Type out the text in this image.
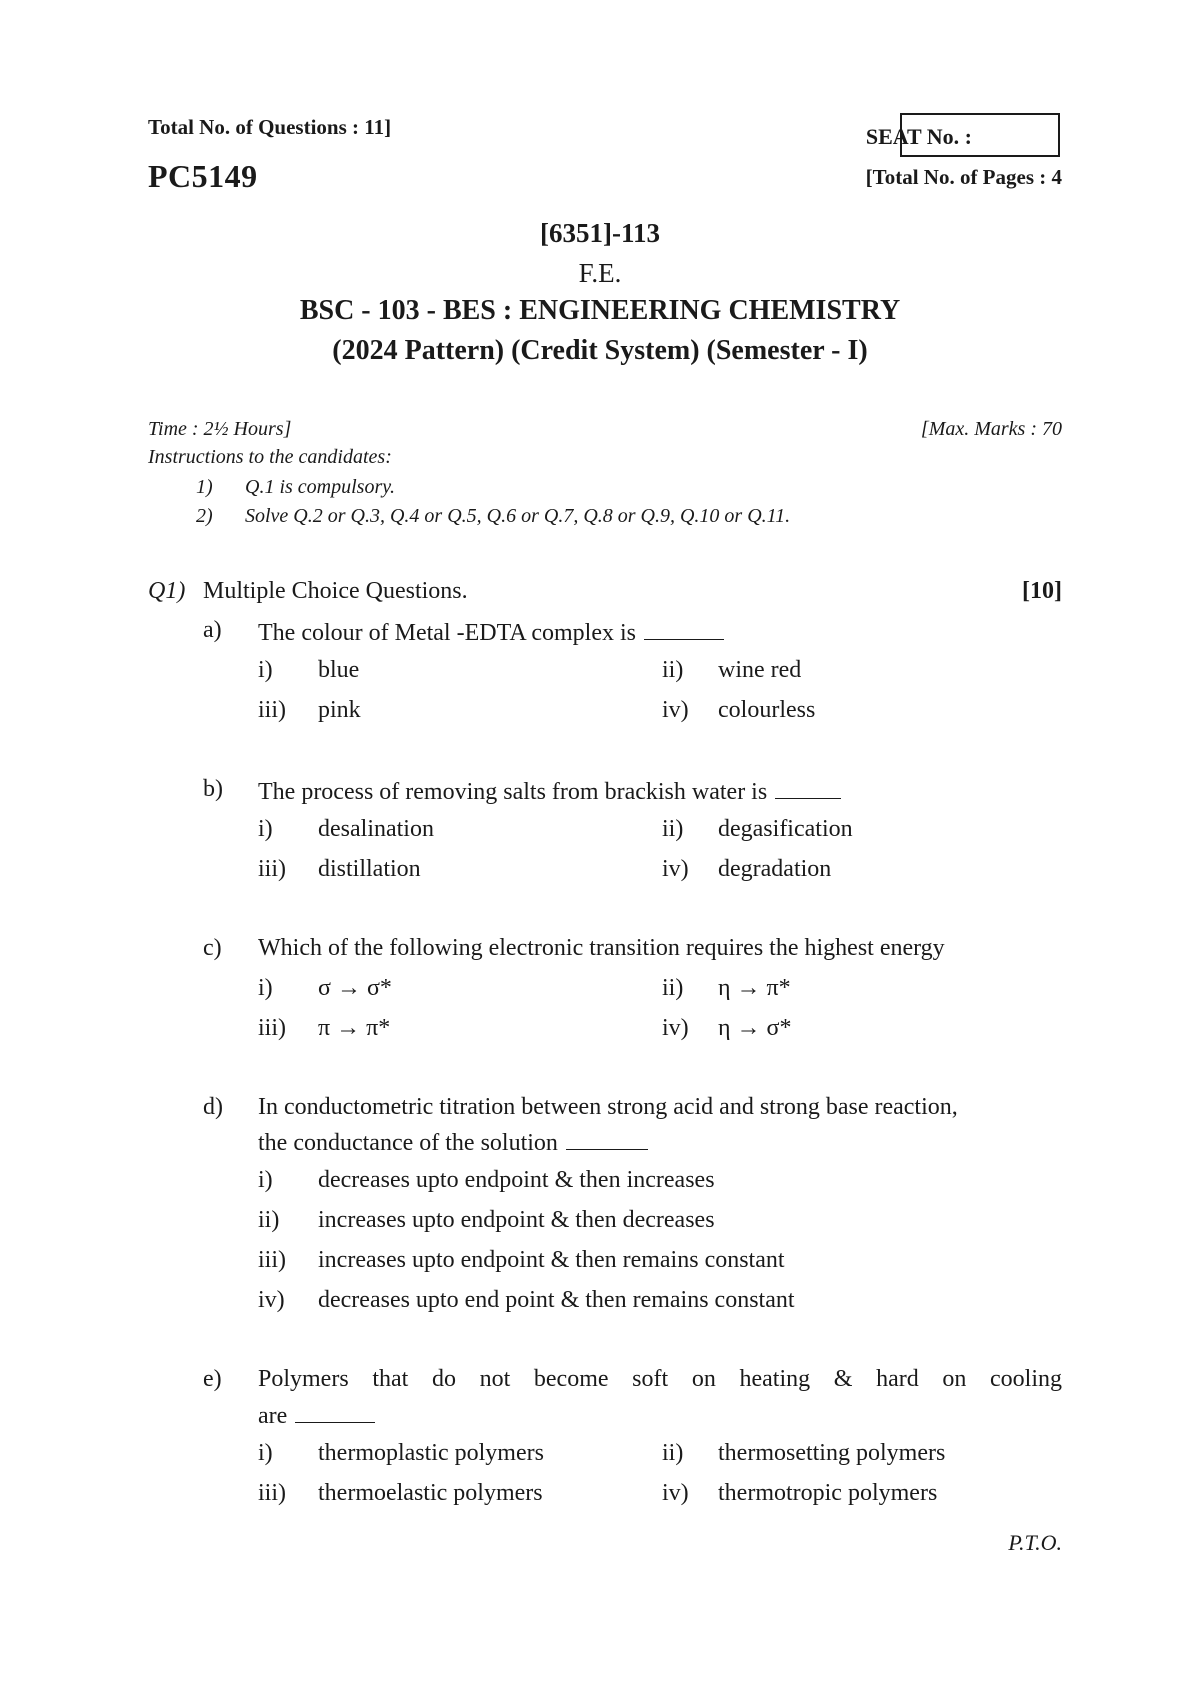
Total No. of Questions : 11]
PC5149
SEAT No. :
[Total No. of Pages : 4
[6351]-113
F.E.
BSC - 103 - BES : ENGINEERING CHEMISTRY
(2024 Pattern) (Credit System) (Semester - I)
Time : 2½ Hours]	[Max. Marks : 70
Instructions to the candidates:
1) Q.1 is compulsory.
2) Solve Q.2 or Q.3, Q.4 or Q.5, Q.6 or Q.7, Q.8 or Q.9, Q.10 or Q.11.
Q1) Multiple Choice Questions.	[10]
a) The colour of Metal -EDTA complex is
i) blue	ii) wine red
iii) pink	iv) colourless
b) The process of removing salts from brackish water is
i) desalination	ii) degasification
iii) distillation	iv) degradation
c) Which of the following electronic transition requires the highest energy
i) σ → σ*	ii) η → π*
iii) π → π*	iv) η → σ*
d) In conductometric titration between strong acid and strong base reaction,
the conductance of the solution
i) decreases upto endpoint & then increases
ii) increases upto endpoint & then decreases
iii) increases upto endpoint & then remains constant
iv) decreases upto end point & then remains constant
e) Polymers that do not become soft on heating & hard on cooling
are
i) thermoplastic polymers	ii) thermosetting polymers
iii) thermoelastic polymers	iv) thermotropic polymers
P.T.O.
